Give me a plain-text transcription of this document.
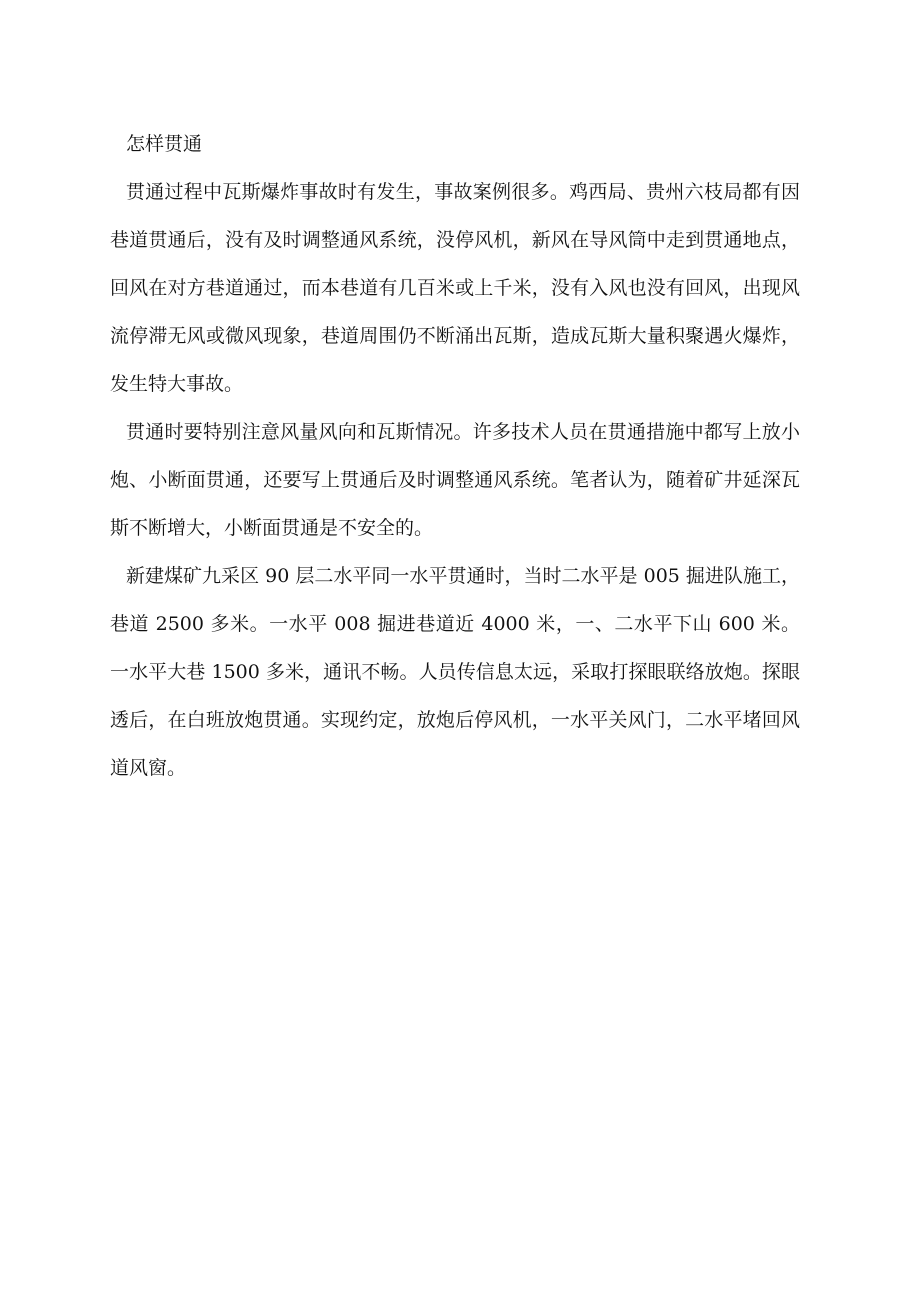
怎样贯通

贯通过程中瓦斯爆炸事故时有发生，事故案例很多。鸡西局、贵州六枝局都有因巷道贯通后，没有及时调整通风系统，没停风机，新风在导风筒中走到贯通地点，回风在对方巷道通过，而本巷道有几百米或上千米，没有入风也没有回风，出现风流停滞无风或微风现象，巷道周围仍不断涌出瓦斯，造成瓦斯大量积聚遇火爆炸，发生特大事故。

贯通时要特别注意风量风向和瓦斯情况。许多技术人员在贯通措施中都写上放小炮、小断面贯通，还要写上贯通后及时调整通风系统。笔者认为，随着矿井延深瓦斯不断增大，小断面贯通是不安全的。

新建煤矿九采区 90 层二水平同一水平贯通时，当时二水平是 005 掘进队施工，巷道 2500 多米。一水平 008 掘进巷道近 4000 米，一、二水平下山 600 米。一水平大巷 1500 多米，通讯不畅。人员传信息太远，采取打探眼联络放炮。探眼透后，在白班放炮贯通。实现约定，放炮后停风机，一水平关风门，二水平堵回风道风窗。
